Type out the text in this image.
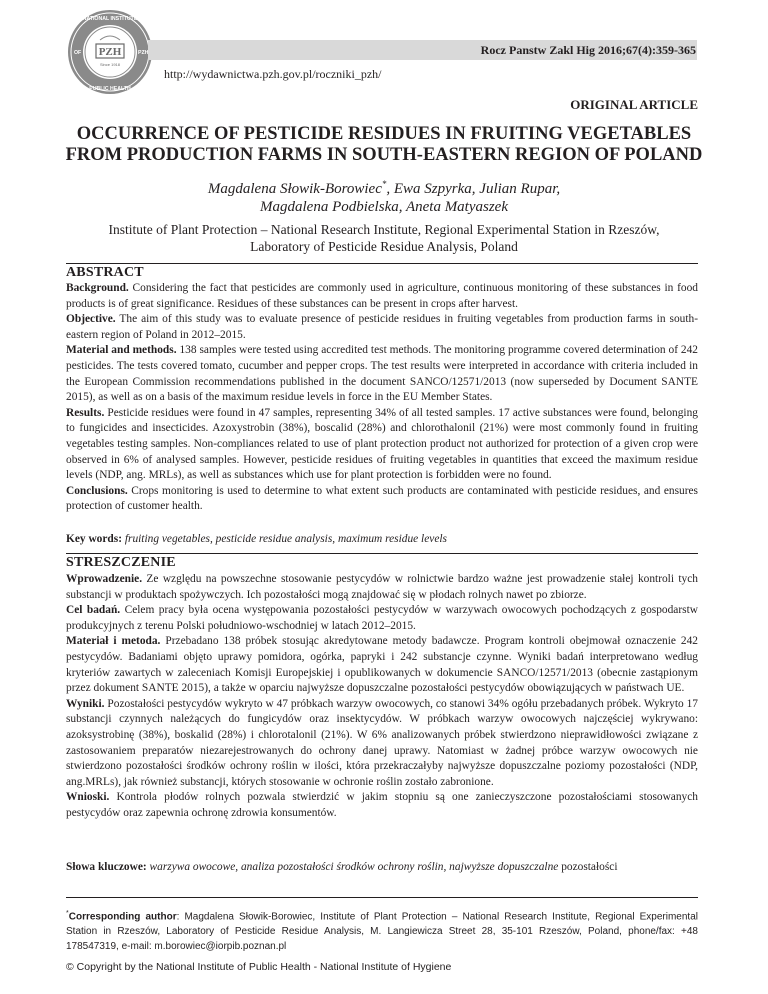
PZH
Since 1918
NATIONAL INSTITUTE
PUBLIC HEALTH
OF	PZH	Rocz Panstw Zakl Hig 2016;67(4):359-365
http://wydawnictwa.pzh.gov.pl/roczniki_pzh/
ORIGINAL ARTICLE
OCCURRENCE OF PESTICIDE RESIDUES IN FRUITING VEGETABLES
FROM PRODUCTION FARMS IN SOUTH-EASTERN REGION OF POLAND
Magdalena Słowik-Borowiec*, Ewa Szpyrka, Julian Rupar,
Magdalena Podbielska, Aneta Matyaszek
Institute of Plant Protection – National Research Institute, Regional Experimental Station in Rzeszów,
Laboratory of Pesticide Residue Analysis, Poland
ABSTRACT

Background. Considering the fact that pesticides are commonly used in agriculture, continuous monitoring of these substances in food products is of great significance. Residues of these substances can be present in crops after harvest.

Objective. The aim of this study was to evaluate presence of pesticide residues in fruiting vegetables from production farms in south-eastern region of Poland in 2012–2015.

Material and methods. 138 samples were tested using accredited test methods. The monitoring programme covered determination of 242 pesticides. The tests covered tomato, cucumber and pepper crops. The test results were interpreted in accordance with criteria included in the European Commission recommendations published in the document SANCO/12571/2013 (now superseded by Document SANTE 2015), as well as on a basis of the maximum residue levels in force in the EU Member States.

Results. Pesticide residues were found in 47 samples, representing 34% of all tested samples. 17 active substances were found, belonging to fungicides and insecticides. Azoxystrobin (38%), boscalid (28%) and chlorothalonil (21%) were most commonly found in fruiting vegetables testing samples. Non-compliances related to use of plant protection product not authorized for protection of a given crop were observed in 6% of analysed samples. However, pesticide residues of fruiting vegetables in quantities that exceed the maximum residue levels (NDP, ang. MRLs), as well as substances which use for plant protection is forbidden were no found.

Conclusions. Crops monitoring is used to determine to what extent such products are contaminated with pesticide residues, and ensures protection of customer health.

Key words: fruiting vegetables, pesticide residue analysis, maximum residue levels
STRESZCZENIE

Wprowadzenie. Ze względu na powszechne stosowanie pestycydów w rolnictwie bardzo ważne jest prowadzenie stałej kontroli tych substancji w produktach spożywczych. Ich pozostałości mogą znajdować się w płodach rolnych nawet po zbiorze.

Cel badań. Celem pracy była ocena występowania pozostałości pestycydów w warzywach owocowych pochodzących z gospodarstw produkcyjnych z terenu Polski południowo-wschodniej w latach 2012–2015.

Materiał i metoda. Przebadano 138 próbek stosując akredytowane metody badawcze. Program kontroli obejmował oznaczenie 242 pestycydów. Badaniami objęto uprawy pomidora, ogórka, papryki i 242 substancje czynne. Wyniki badań interpretowano według kryteriów zawartych w zaleceniach Komisji Europejskiej i opublikowanych w dokumencie SANCO/12571/2013 (obecnie zastąpionym przez dokument SANTE 2015), a także w oparciu najwyższe dopuszczalne pozostałości pestycydów obowiązujących w państwach UE.

Wyniki. Pozostałości pestycydów wykryto w 47 próbkach warzyw owocowych, co stanowi 34% ogółu przebadanych próbek. Wykryto 17 substancji czynnych należących do fungicydów oraz insektycydów. W próbkach warzyw owocowych najczęściej wykrywano: azoksystrobinę (38%), boskalid (28%) i chlorotalonil (21%). W 6% analizowanych próbek stwierdzono nieprawidłowości związane z zastosowaniem preparatów niezarejestrowanych do ochrony danej uprawy. Natomiast w żadnej próbce warzyw owocowych nie stwierdzono pozostałości środków ochrony roślin w ilości, która przekraczałyby najwyższe dopuszczalne poziomy pozostałości (NDP, ang.MRLs), jak również substancji, których stosowanie w ochronie roślin zostało zabronione.

Wnioski. Kontrola płodów rolnych pozwala stwierdzić w jakim stopniu są one zanieczyszczone pozostałościami stosowanych pestycydów oraz zapewnia ochronę zdrowia konsumentów.

Słowa kluczowe: warzywa owocowe, analiza pozostałości środków ochrony roślin, najwyższe dopuszczalne pozostałości
*Corresponding author: Magdalena Słowik-Borowiec, Institute of Plant Protection – National Research Institute, Regional Experimental Station in Rzeszów, Laboratory of Pesticide Residue Analysis, M. Langiewicza Street 28, 35-101 Rzeszów, Poland, phone/fax: +48 178547319, e-mail: m.borowiec@iorpib.poznan.pl
© Copyright by the National Institute of Public Health - National Institute of Hygiene
